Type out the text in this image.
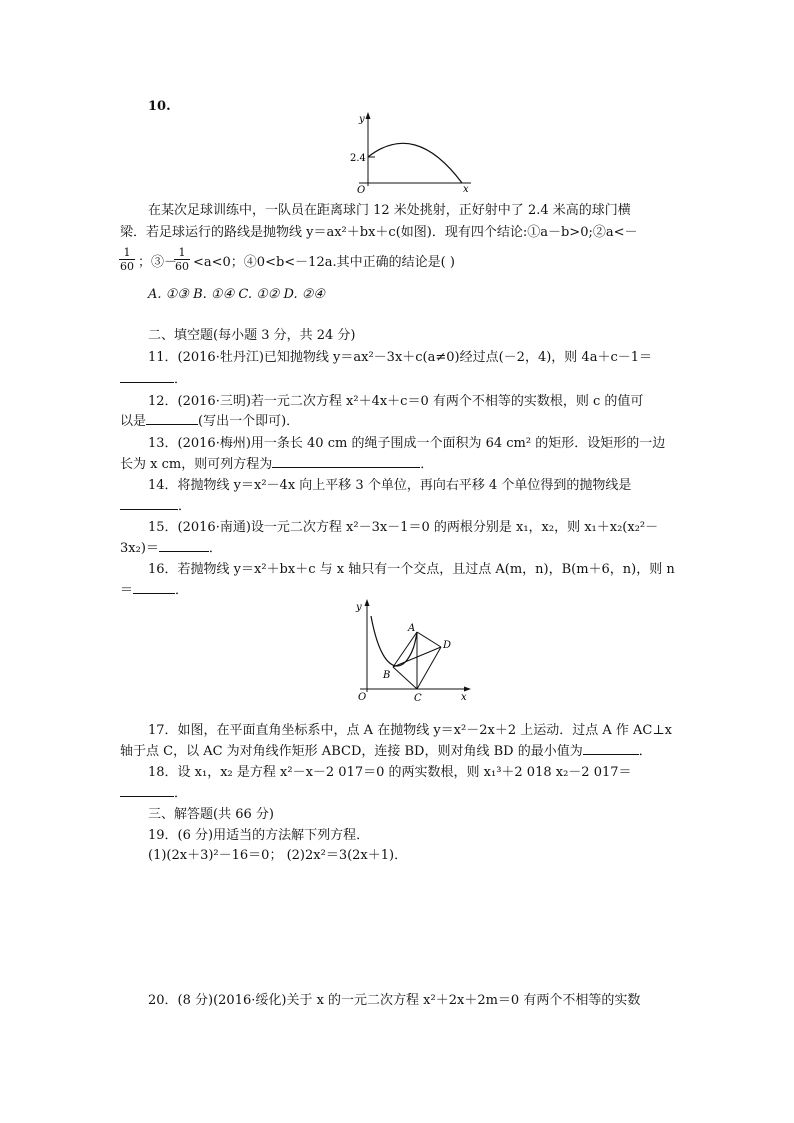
10.
y
x
O
2.4
在某次足球训练中，一队员在距离球门 12 米处挑射，正好射中了 2.4 米高的球门横
梁．若足球运行的路线是抛物线 y＝ax²＋bx＋c(如图)．现有四个结论:①a－b>0;②a<－
1
60 ；③－
1
60 <a<0；④0<b<－12a.其中正确的结论是( )
A. ①③ B. ①④ C. ①② D. ②④
二、填空题(每小题 3 分，共 24 分)
11．(2016·牡丹江)已知抛物线 y＝ax²－3x＋c(a≠0)经过点(－2，4)，则 4a＋c－1＝
．
12．(2016·三明)若一元二次方程 x²＋4x＋c＝0 有两个不相等的实数根，则 c 的值可
以是	(写出一个即可)．
13．(2016·梅州)用一条长 40 cm 的绳子围成一个面积为 64 cm² 的矩形．设矩形的一边
长为 x cm，则可列方程为	．
14．将抛物线 y＝x²－4x 向上平移 3 个单位，再向右平移 4 个单位得到的抛物线是
．
15．(2016·南通)设一元二次方程 x²－3x－1＝0 的两根分别是 x₁，x₂，则 x₁＋x₂(x₂²－
3x₂)＝	．
16．若抛物线 y＝x²＋bx＋c 与 x 轴只有一个交点，且过点 A(m，n)，B(m＋6，n)，则 n
＝	．
y
x
O
A
B
C
D
17．如图，在平面直角坐标系中，点 A 在抛物线 y＝x²－2x＋2 上运动．过点 A 作 AC⊥x
轴于点 C，以 AC 为对角线作矩形 ABCD，连接 BD，则对角线 BD 的最小值为	．
18．设 x₁，x₂ 是方程 x²－x－2 017＝0 的两实数根，则 x₁³＋2 018 x₂－2 017＝
．
三、解答题(共 66 分)
19．(6 分)用适当的方法解下列方程．
(1)(2x＋3)²－16＝0； (2)2x²＝3(2x＋1)．
20．(8 分)(2016·绥化)关于 x 的一元二次方程 x²＋2x＋2m＝0 有两个不相等的实数
